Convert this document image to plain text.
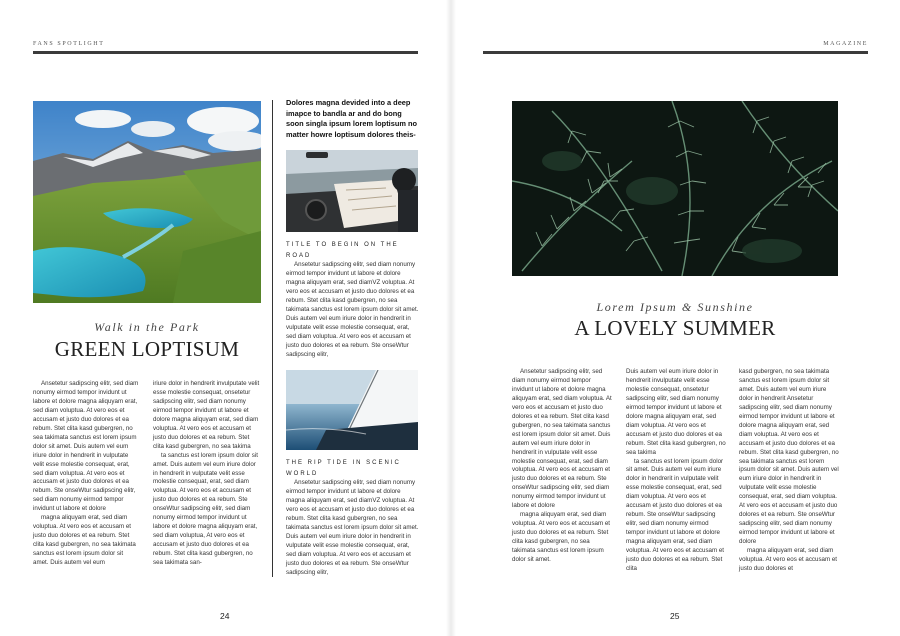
FANS SPOTLIGHT
Walk in the Park
GREEN LOPTISUM

Ansetetur sadipscing elitr, sed diam nonumy eirmod tempor invidunt ut labore et dolore magna aliquyam erat, sed diam voluptua. At vero eos et accusam et justo duo dolores et ea rebum. Stet clita kasd gubergren, no sea takimata sanctus est lorem ipsum dolor sit amet. Duis autem vel eum iriure dolor in hendrerit in vulputate velit esse molestie consequat, erat, sed diam voluptua. At vero eos et accusam et justo duo dolores et ea rebum. Ste onseWtur sadipscing elitr, sed diam nonumy eirmod tempor invidunt ut labore et dolore

magna aliquyam erat, sed diam voluptua. At vero eos et accusam et justo duo dolores et ea rebum. Stet clita kasd gubergren, no sea takimata sanctus est lorem ipsum dolor sit amet. Duis autem vel eum

iriure dolor in hendrerit invulputate velit esse molestie consequat, onsetetur sadipscing elitr, sed diam nonumy eirmod tempor invidunt ut labore et dolore magna aliquyam erat, sed diam voluptua. At vero eos et accusam et justo duo dolores et ea rebum. Stet clita kasd gubergren, no sea takima

ta sanctus est lorem ipsum dolor sit amet. Duis autem vel eum iriure dolor in hendrerit in vulputate velit esse molestie consequat, erat, sed diam voluptua. At vero eos et accusam et justo duo dolores et ea rebum. Ste onseWtur sadipscing elitr, sed diam nonumy eirmod tempor invidunt ut labore et dolore magna aliquyam erat, sed diam voluptua, At vero eos et accusam et justo duo dolores et ea rebum. Stet clita kasd gubergren, no sea takimata san-

Dolores magna devided into a deep imapce to bandla ar and do bong soon singla ipsum lorem loptisum no matter howre loptisum dolores theis-
TITLE TO BEGIN ON THE ROAD

Ansetetur sadipscing elitr, sed diam nonumy eirmod tempor invidunt ut labore et dolore magna aliquyam erat, sed diamVZ voluptua. At vero eos et accusam et justo duo dolores et ea rebum. Stet clita kasd gubergren, no sea takimata sanctus est lorem ipsum dolor sit amet. Duis autem vel eum iriure dolor in hendrerit in vulputate velit esse molestie consequat, erat, sed diam voluptua. At vero eos et accusam et justo duo dolores et ea rebum. Ste onseWtur sadipscing elitr,

THE RIP TIDE IN SCENIC WORLD

Ansetetur sadipscing elitr, sed diam nonumy eirmod tempor invidunt ut labore et dolore magna aliquyam erat, sed diamVZ voluptua. At vero eos et accusam et justo duo dolores et ea rebum. Stet clita kasd gubergren, no sea takimata sanctus est lorem ipsum dolor sit amet. Duis autem vel eum iriure dolor in hendrerit in vulputate velit esse molestie consequat, erat, sed diam voluptua. At vero eos et accusam et justo duo dolores et ea rebum. Ste onseWtur sadipscing elitr,

24
MAGAZINE
Lorem Ipsum & Sunshine
A LOVELY SUMMER

Ansetetur sadipscing elitr, sed diam nonumy eirmod tempor invidunt ut labore et dolore magna aliquyam erat, sed diam voluptua. At vero eos et accusam et justo duo dolores et ea rebum. Stet clita kasd gubergren, no sea takimata sanctus est lorem ipsum dolor sit amet. Duis autem vel eum iriure dolor in hendrerit in vulputate velit esse molestie consequat, erat, sed diam voluptua. At vero eos et accusam et justo duo dolores et ea rebum. Ste onseWtur sadipscing elitr, sed diam nonumy eirmod tempor invidunt ut labore et dolore

magna aliquyam erat, sed diam voluptua. At vero eos et accusam et justo duo dolores et ea rebum. Stet clita kasd gubergren, no sea takimata sanctus est lorem ipsum dolor sit amet.

Duis autem vel eum iriure dolor in hendrerit invulputate velit esse molestie consequat, onsetetur sadipscing elitr, sed diam nonumy eirmod tempor invidunt ut labore et dolore magna aliquyam erat, sed diam voluptua. At vero eos et accusam et justo duo dolores et ea rebum. Stet clita kasd gubergren, no sea takima

ta sanctus est lorem ipsum dolor sit amet. Duis autem vel eum iriure dolor in hendrerit in vulputate velit esse molestie consequat, erat, sed diam voluptua. At vero eos et accusam et justo duo dolores et ea rebum. Ste onseWtur sadipscing elitr, sed diam nonumy eirmod tempor invidunt ut labore et dolore magna aliquyam erat, sed diam voluptua. At vero eos et accusam et justo duo dolores et ea rebum. Stet clita

kasd gubergren, no sea takimata sanctus est lorem ipsum dolor sit amet. Duis autem vel eum iriure dolor in hendrerit Ansetetur sadipscing elitr, sed diam nonumy eirmod tempor invidunt ut labore et dolore magna aliquyam erat, sed diam voluptua. At vero eos et accusam et justo duo dolores et ea rebum. Stet clita kasd gubergren, no sea takimata sanctus est lorem ipsum dolor sit amet. Duis autem vel eum iriure dolor in hendrerit in vulputate velit esse molestie consequat, erat, sed diam voluptua. At vero eos et accusam et justo duo dolores et ea rebum. Ste onseWtur sadipscing elitr, sed diam nonumy eirmod tempor invidunt ut labore et dolore

magna aliquyam erat, sed diam voluptua. At vero eos et accusam et justo duo dolores et

25
